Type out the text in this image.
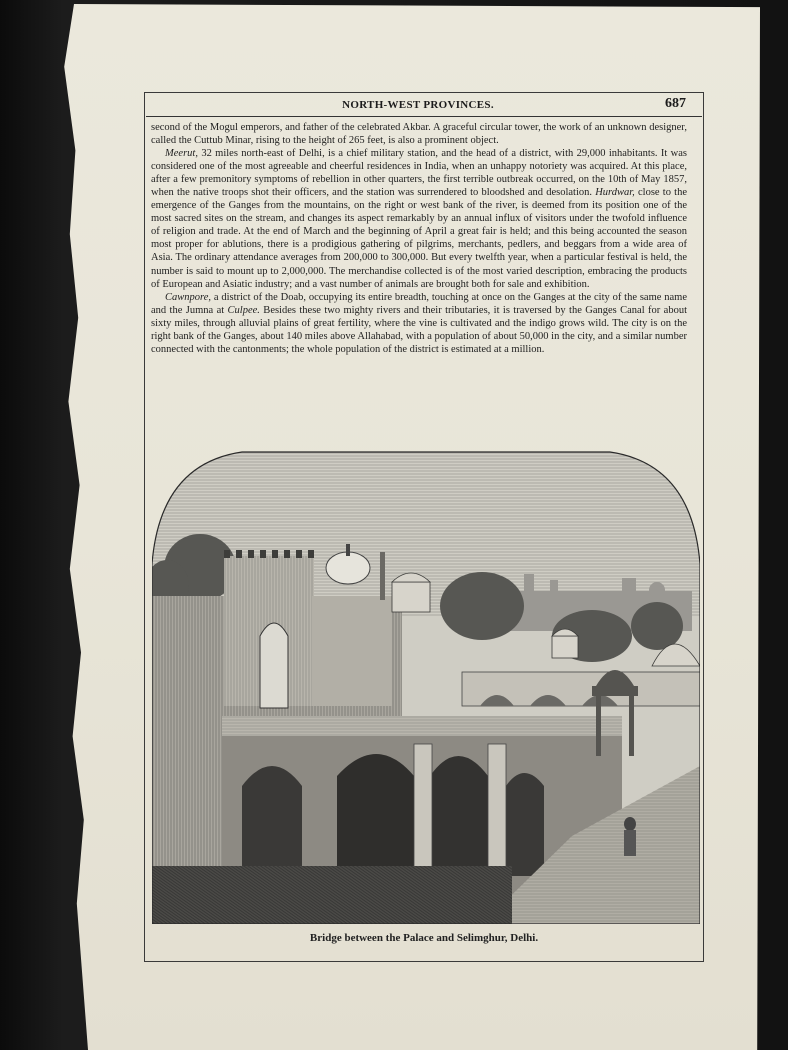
NORTH-WEST PROVINCES.	687

second of the Mogul emperors, and father of the celebrated Akbar. A graceful circular tower, the work of an unknown designer, called the Cuttub Minar, rising to the height of 265 feet, is also a prominent object.

Meerut, 32 miles north-east of Delhi, is a chief military station, and the head of a district, with 29,000 inhabitants. It was considered one of the most agreeable and cheerful residences in India, when an unhappy notoriety was acquired. At this place, after a few premonitory symptoms of rebellion in other quarters, the first terrible outbreak occurred, on the 10th of May 1857, when the native troops shot their officers, and the station was surrendered to bloodshed and desolation. Hurdwar, close to the emergence of the Ganges from the mountains, on the right or west bank of the river, is deemed from its position one of the most sacred sites on the stream, and changes its aspect remarkably by an annual influx of visitors under the twofold influence of religion and trade. At the end of March and the beginning of April a great fair is held; and this being accounted the season most proper for ablutions, there is a prodigious gathering of pilgrims, merchants, pedlers, and beggars from a wide area of Asia. The ordinary attendance averages from 200,000 to 300,000. But every twelfth year, when a particular festival is held, the number is said to mount up to 2,000,000. The merchandise collected is of the most varied description, embracing the products of European and Asiatic industry; and a vast number of animals are brought both for sale and exhibition.

Cawnpore, a district of the Doab, occupying its entire breadth, touching at once on the Ganges at the city of the same name and the Jumna at Culpee. Besides these two mighty rivers and their tributaries, it is traversed by the Ganges Canal for about sixty miles, through alluvial plains of great fertility, where the vine is cultivated and the indigo grows wild. The city is on the right bank of the Ganges, about 140 miles above Allahabad, with a population of about 50,000 in the city, and a similar number connected with the cantonments; the whole population of the district is estimated at a million.

Bridge between the Palace and Selimghur, Delhi.
